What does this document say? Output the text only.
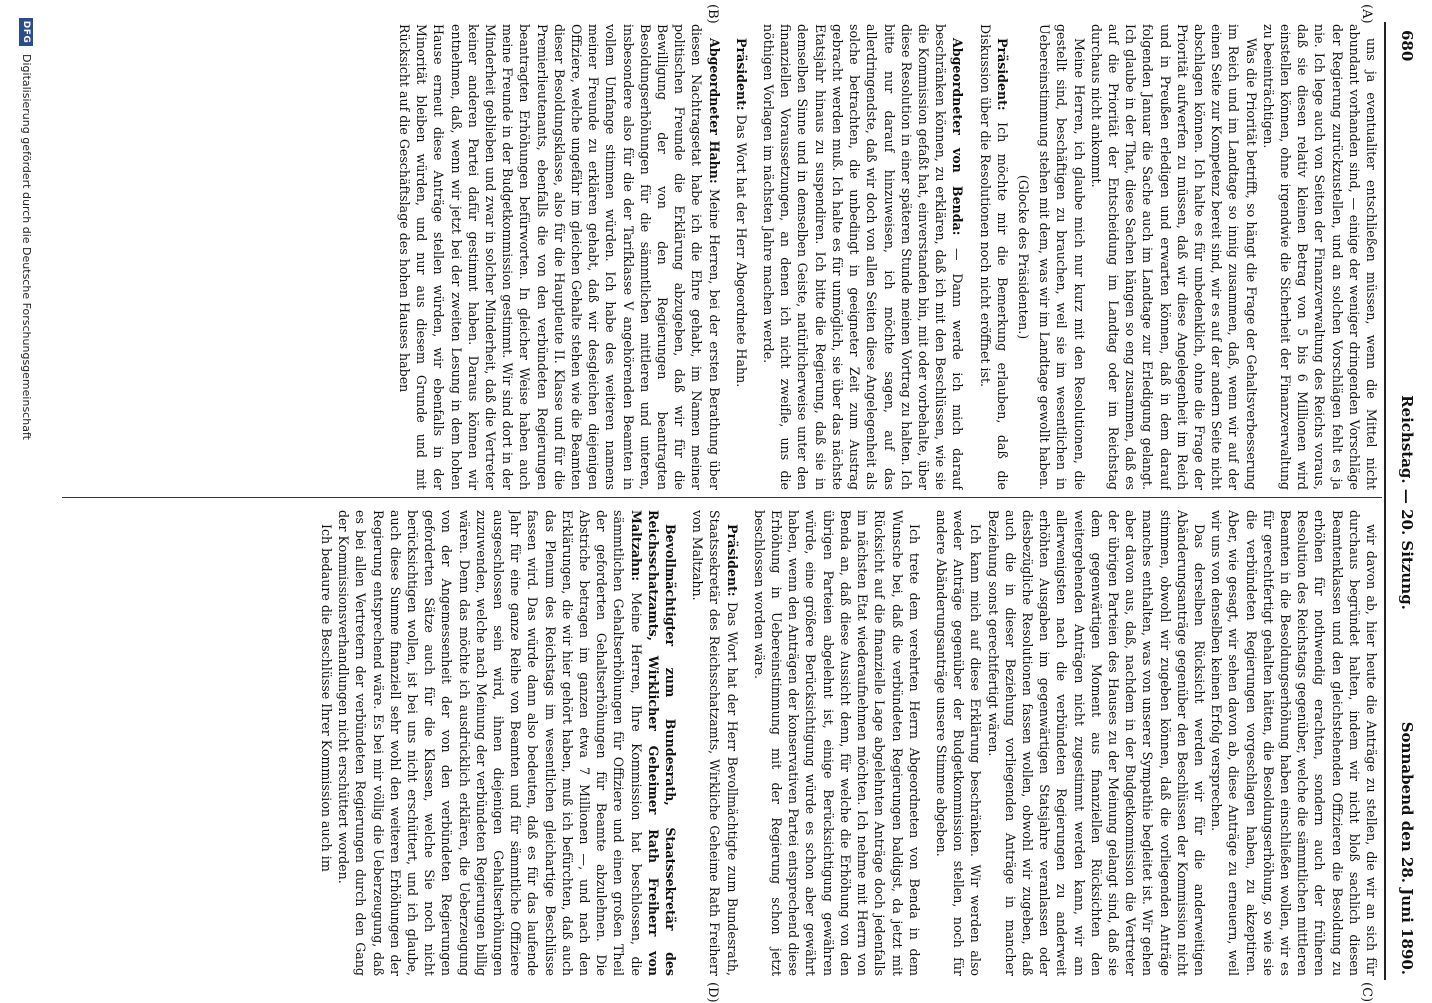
680
Reichstag. — 20. Sitzung.
Sonnabend den 28. Juni 1890.
(A)
(B)
(C)
(D)

uns ja eventualiter entschließen müssen, wenn die Mittel nicht abundant vorhanden sind, — einige der weniger dringenden Vorschläge der Regierung zurückzustellen, und an solchen Vorschlägen fehlt es ja nie. Ich lege auch von Seiten der Finanzverwaltung des Reichs voraus, daß sie diesen relativ kleinen Betrag von 5 bis 6 Millionen wird einstellen können, ohne irgendwie die Sicherheit der Finanzverwaltung zu beeinträchtigen.

Was die Priorität betrifft, so hängt die Frage der Gehaltsverbesserung im Reich und im Landtage so innig zusammen, daß, wenn wir auf der einen Seite zur Kompetenz bereit sind, wir es auf der andern Seite nicht abschlagen können. Ich halte es für unbedenklich, ohne die Frage der Priorität aufwerfen zu müssen, daß wir diese Angelegenheit im Reich und in Preußen erledigen und erwarten können, daß in dem darauf folgenden Januar die Sache auch im Landtage zur Erledigung gelangt. Ich glaube in der That, diese Sachen hängen so eng zusammen, daß es auf die Priorität der Entscheidung im Landtag oder im Reichstag durchaus nicht ankommt.

Meine Herren, ich glaube mich nur kurz mit den Resolutionen, die gestellt sind, beschäftigen zu brauchen, weil sie im wesentlichen in Uebereinstimmung stehen mit dem, was wir im Landtage gewollt haben.

(Glocke des Präsidenten.)

Präsident: Ich möchte mir die Bemerkung erlauben, daß die Diskussion über die Resolutionen noch nicht eröffnet ist.

Abgeordneter von Benda: — Dann werde ich mich darauf beschränken können, zu erklären, daß ich mit den Beschlüssen, wie sie die Kommission gefaßt hat, einverstanden bin, mit oder vorbehalte, über diese Resolution in einer späteren Stunde meinen Vortrag zu halten. Ich bitte nur darauf hinzuweisen, ich möchte sagen, auf das allerdringendste, daß wir doch von allen Seiten diese Angelegenheit als solche betrachten, die unbedingt in geeigneter Zeit zum Austrag gebracht werden muß. Ich halte es für unmöglich, sie über das nächste Etatsjahr hinaus zu suspendiren. Ich bitte die Regierung, daß sie in demselben Sinne und in demselben Geiste, natürlicherweise unter den finanziellen Voraussetzungen, an denen ich nicht zweifle, uns die nöthigen Vorlagen im nächsten Jahre machen werde.

Präsident: Das Wort hat der Herr Abgeordnete Hahn.

Abgeordneter Hahn: Meine Herren, bei der ersten Berathung über diesen Nachtragsetat habe ich die Ehre gehabt, im Namen meiner politischen Freunde die Erklärung abzugeben, daß wir für die Bewilligung der von den Regierungen beantragten Besoldungserhöhungen für die sämmtlichen mittleren und unteren, insbesondere also für die der Tarifklasse V angehörenden Beamten in vollem Umfange stimmen würden. Ich habe des weiteren namens meiner Freunde zu erklären gehabt, daß wir desgleichen diejenigen Offiziere, welche ungefähr im gleichen Gehalte stehen wie die Beamten dieser Besoldungsklasse, also für die Hauptleute II. Klasse und für die Premierlieutenants, ebenfalls die von den verbündeten Regierungen beantragten Erhöhungen befürworten. In gleicher Weise haben auch meine Freunde in der Budgetkommission gestimmt. Wir sind dort in der Minderheit geblieben und zwar in solcher Minderheit, daß die Vertreter keiner anderen Partei dafür gestimmt haben. Daraus können wir entnehmen, daß, wenn wir jetzt bei der zweiten Lesung in dem hohen Hause erneut diese Anträge stellen würden, wir ebenfalls in der Minorität bleiben würden, und nur aus diesem Grunde und mit Rücksicht auf die Geschäftslage des hohen Hauses haben

wir davon ab, hier heute die Anträge zu stellen, die wir an sich für durchaus begründet halten, indem wir nicht bloß sachlich diesen Beamtenklassen und den gleichstehenden Offizieren die Besoldung zu erhöhen für nothwendig erachten, sondern auch der früheren Resolution des Reichstags gegenüber, welche die sämmtlichen mittleren Beamten in die Besoldungserhöhung haben einschließen wollen, wir es für gerechtfertigt gehalten hätten, die Besoldungserhöhung, so wie sie die verbündeten Regierungen vorgeschlagen haben, zu akzeptiren. Aber, wie gesagt, wir sehen davon ab, diese Anträge zu erneuern, weil wir uns von denselben keinen Erfolg versprechen.

Das derselben Rücksicht werden wir für die anderweitigen Abänderungsanträge gegenüber den Beschlüssen der Kommission nicht stimmen, obwohl wir zugeben können, daß die vorliegenden Anträge manches enthalten, was von unserer Sympathie begleitet ist. Wir gehen aber davon aus, daß, nachdem in der Budgetkommission die Vertreter der übrigen Parteien des Hauses zu der Meinung gelangt sind, daß sie dem gegenwärtigen Moment aus finanziellen Rücksichten den weitergehenden Anträgen nicht zugestimmt werden kann, wir am allerwenigsten nach die verbündeten Regierungen zu anderweit erhöhten Ausgaben im gegenwärtigen Statsjahre veranlassen oder diesbezügliche Resolutionen fassen wollen, obwohl wir zugeben, daß auch die in dieser Beziehung vorliegenden Anträge in mancher Beziehung sonst gerechtfertigt wären.

Ich kann mich auf diese Erklärung beschränken. Wir werden also weder Anträge gegenüber der Budgetkommission stellen, noch für andere Abänderungsanträge unsere Stimme abgeben.

Ich trete dem verehrten Herrn Abgeordneten von Benda in dem Wunsche bei, daß die verbündeten Regierungen baldigst, da jetzt mit Rücksicht auf die finanzielle Lage abgelehnten Anträge doch jedenfalls im nächsten Etat wiederaufnehmen möchten. Ich nehme mit Herrn von Benda an, daß diese Aussicht denn, für welche die Erhöhung von den übrigen Parteien abgelehnt ist, einige Berücksichtigung gewähren würde, eine größere Berücksichtigung würde es schon aber gewährt haben, wenn den Anträgen der konservativen Partei entsprechend diese Erhöhung in Uebereinstimmung mit der Regierung schon jetzt beschlossen worden wäre.

Präsident: Das Wort hat der Herr Bevollmächtigte zum Bundesrath, Staatssekretär des Reichsschatzamts, Wirkliche Geheime Rath Freiherr von Maltzahn.

Bevollmächtigter zum Bundesrath, Staatssekretär des Reichsschatzamts, Wirklicher Geheimer Rath Freiherr von Maltzahn: Meine Herren, Ihre Kommission hat beschlossen, die sämmtlichen Gehaltserhöhungen für Offiziere und einen großen Theil der geforderten Gehaltserhöhungen für Beamte abzulehnen. Die Abstriche betragen im ganzen etwa 7 Millionen —, und nach den Erklärungen, die wir hier gehört haben, muß ich befürchten, daß auch das Plenum des Reichstags im wesentlichen gleichartige Beschlüsse fassen wird. Das würde dann also bedeuten, daß es für das laufende Jahr für eine ganze Reihe von Beamten und für sämmtliche Offiziere ausgeschlossen sein wird, ihnen diejenigen Gehaltserhöhungen zuzuwenden, welche nach Meinung der verbündeten Regierungen billig wären. Denn das möchte ich ausdrücklich erklären, die Ueberzeugung von der Angemessenheit der von den verbündeten Regierungen geforderten Sätze auch für die Klassen, welche Sie noch nicht berücksichtigen wollen, ist bei uns nicht erschüttert, und ich glaube, auch diese Summe finanziell sehr wohl den weiteren Erhöhungen der Regierung entsprechend wäre. Es bei mir völlig die Ueberzeugung, daß es bei allen Vertretern der verbündeten Regierungen durch den Gang der Kommissionsverhandlungen nicht erschüttert worden.

Ich bedaure die Beschlüsse Ihrer Kommission auch im

DFG
Digitalisierung gefördert durch die Deutsche Forschungsgemeinschaft
